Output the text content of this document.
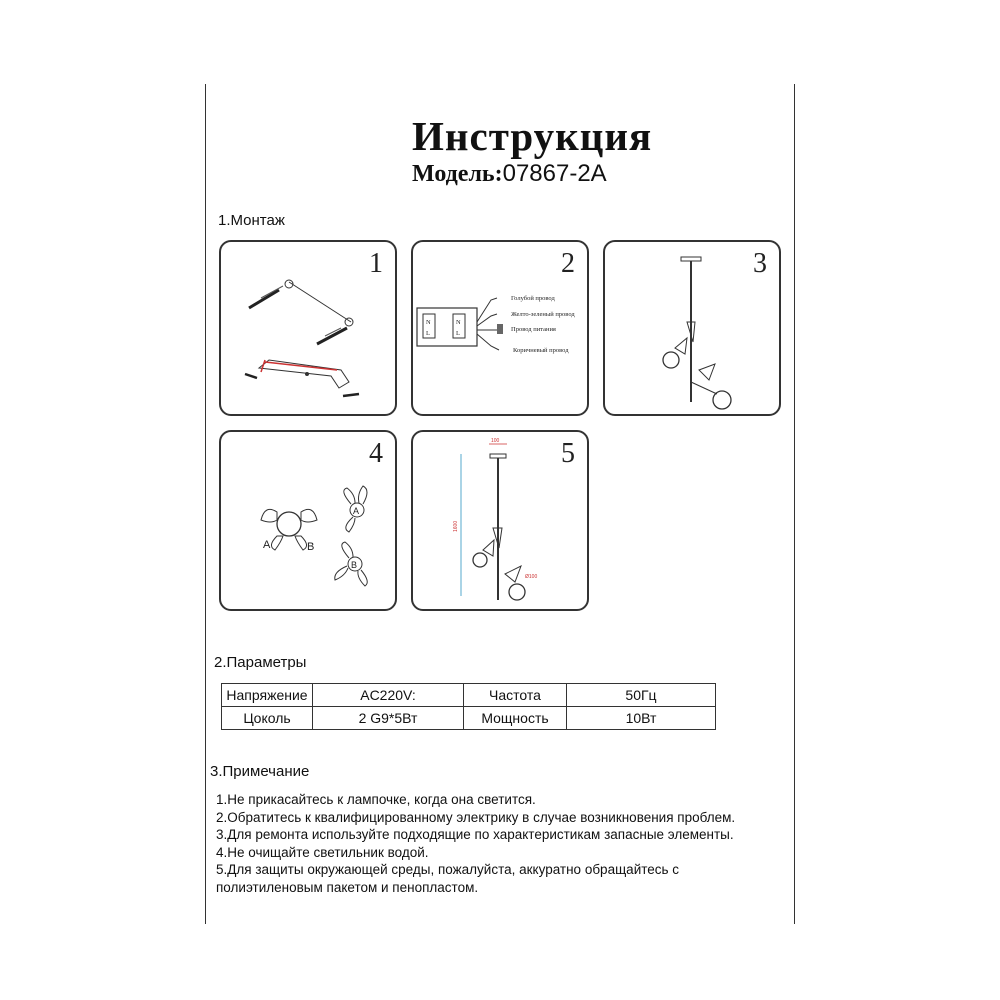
Инструкция
Модель:07867-2A
1.Монтаж
1	2
N	N
L	L
Голубой провод
Желто-зеленый провод
Провод питания
Коричневый провод
3
4
A	B
A
B
5
100
1600
Ø100
2.Параметры
Напряжение	AC220V:	Частота	50Гц
Цоколь	2 G9*5Вт	Мощность	10Вт
3.Примечание
1.Не прикасайтесь к лампочке, когда она светится.
2.Обратитесь к квалифицированному электрику в случае возникновения проблем.
3.Для ремонта используйте подходящие по характеристикам запасные элементы.
4.Не очищайте светильник водой.
5.Для защиты окружающей среды, пожалуйста, аккуратно обращайтесь с
полиэтиленовым пакетом и пенопластом.
